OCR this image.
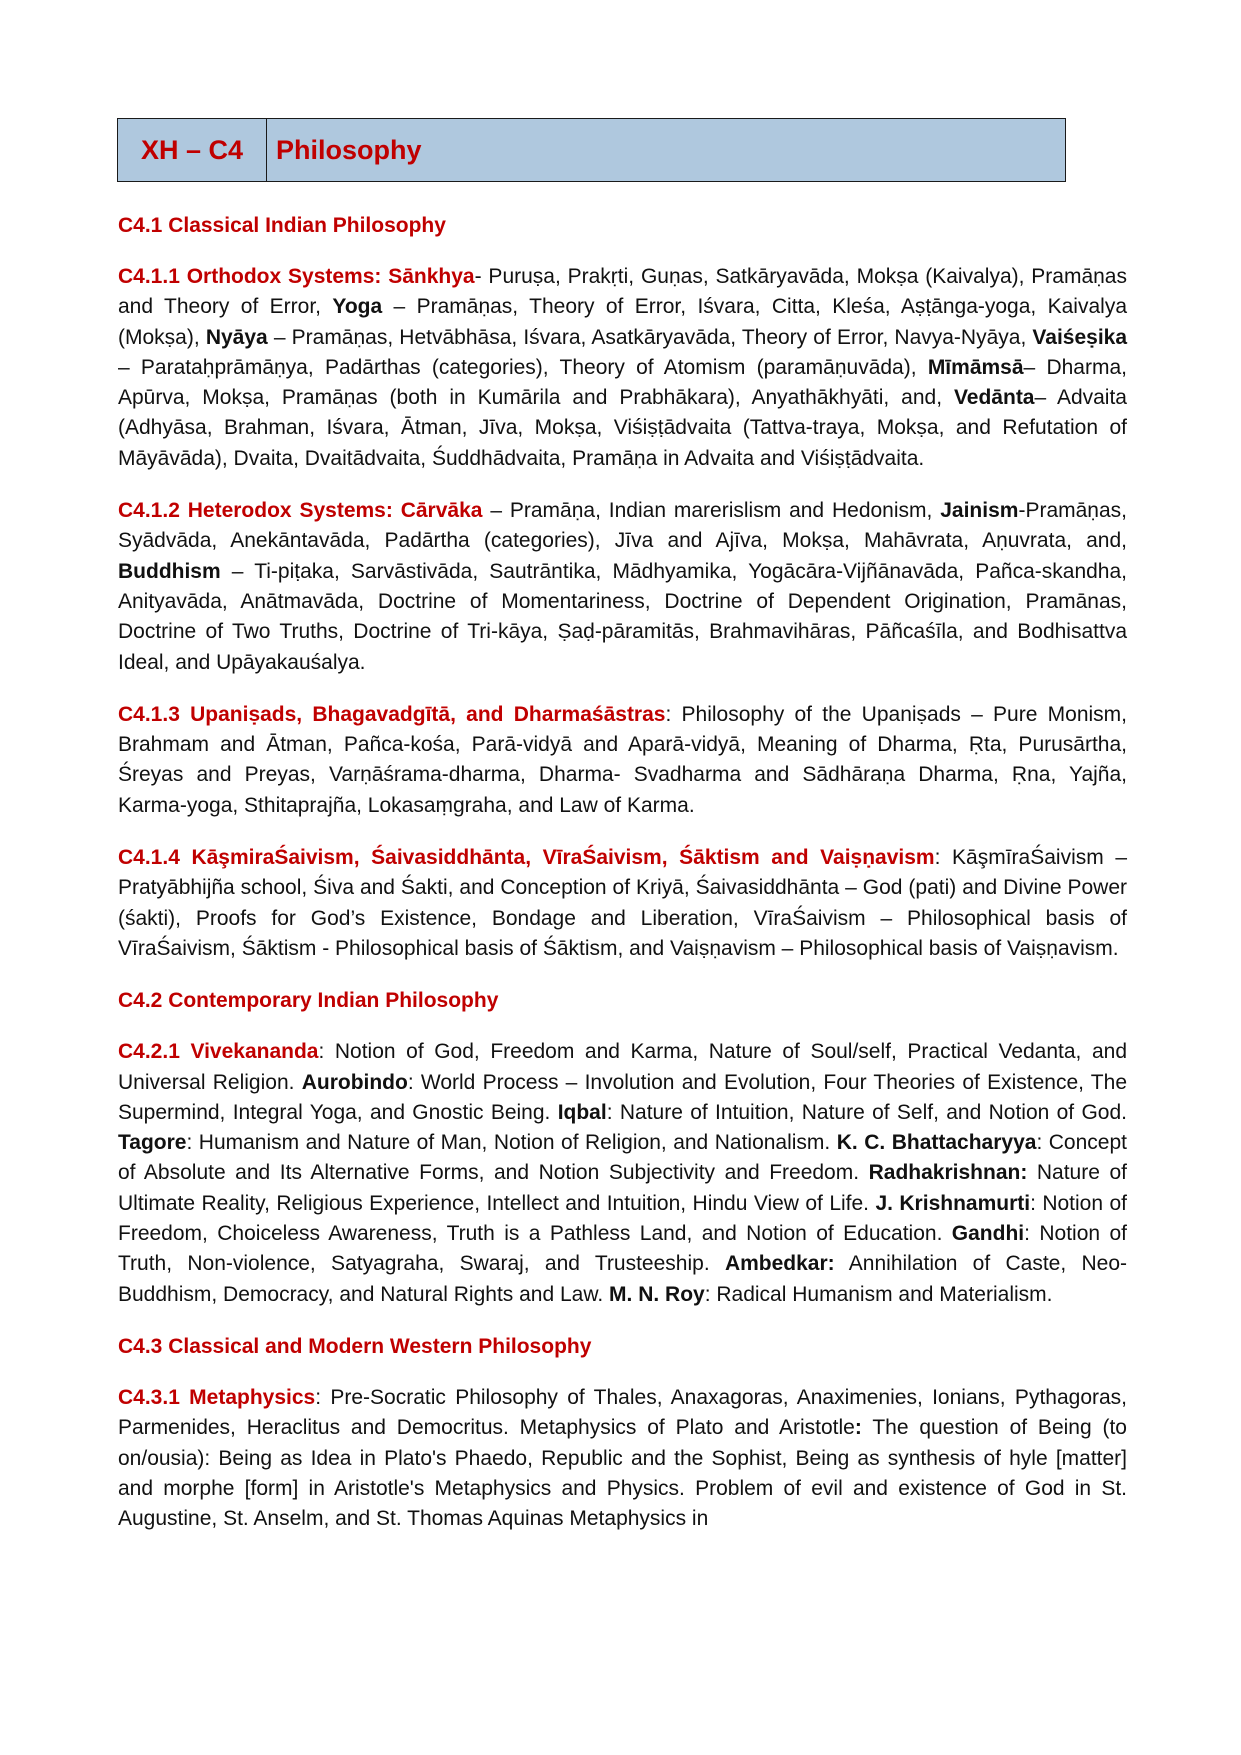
XH – C4	Philosophy
C4.1 Classical Indian Philosophy

C4.1.1 Orthodox Systems: Sānkhya- Puruṣa, Prakṛti, Guṇas, Satkāryavāda, Mokṣa (Kaivalya), Pramāṇas and Theory of Error, Yoga – Pramāṇas, Theory of Error, Iśvara, Citta, Kleśa, Aṣṭānga-yoga, Kaivalya (Mokṣa), Nyāya – Pramāṇas, Hetvābhāsa, Iśvara, Asatkāryavāda, Theory of Error, Navya-Nyāya, Vaiśeṣika – Parataḥprāmāṇya, Padārthas (categories), Theory of Atomism (paramāṇuvāda), Mīmāmsā– Dharma, Apūrva, Mokṣa, Pramāṇas (both in Kumārila and Prabhākara), Anyathākhyāti, and, Vedānta– Advaita (Adhyāsa, Brahman, Iśvara, Ātman, Jīva, Mokṣa, Viśiṣṭādvaita (Tattva-traya, Mokṣa, and Refutation of Māyāvāda), Dvaita, Dvaitādvaita, Śuddhādvaita, Pramāṇa in Advaita and Viśiṣṭādvaita.

C4.1.2 Heterodox Systems: Cārvāka – Pramāṇa, Indian marerislism and Hedonism, Jainism-Pramāṇas, Syādvāda, Anekāntavāda, Padārtha (categories), Jīva and Ajīva, Mokṣa, Mahāvrata, Aṇuvrata, and, Buddhism – Ti-piṭaka, Sarvāstivāda, Sautrāntika, Mādhyamika, Yogācāra-Vijñānavāda, Pañca-skandha, Anityavāda, Anātmavāda, Doctrine of Momentariness, Doctrine of Dependent Origination, Pramānas, Doctrine of Two Truths, Doctrine of Tri-kāya, Ṣaḍ-pāramitās, Brahmavihāras, Pāñcaśīla, and Bodhisattva Ideal, and Upāyakauśalya.

C4.1.3 Upaniṣads, Bhagavadgītā, and Dharmaśāstras: Philosophy of the Upaniṣads – Pure Monism, Brahmam and Ātman, Pañca-kośa, Parā-vidyā and Aparā-vidyā, Meaning of Dharma, Ṛta, Purusārtha, Śreyas and Preyas, Varṇāśrama-dharma, Dharma- Svadharma and Sādhāraṇa Dharma, Ṛna, Yajña, Karma-yoga, Sthitaprajña, Lokasaṃgraha, and Law of Karma.

C4.1.4 KāşmiraŚaivism, Śaivasiddhānta, VīraŚaivism, Śāktism and Vaiṣṇavism: KāşmīraŚaivism – Pratyābhijña school, Śiva and Śakti, and Conception of Kriyā, Śaivasiddhānta – God (pati) and Divine Power (śakti), Proofs for God’s Existence, Bondage and Liberation, VīraŚaivism – Philosophical basis of VīraŚaivism, Śāktism - Philosophical basis of Śāktism, and Vaiṣṇavism – Philosophical basis of Vaiṣṇavism.

C4.2 Contemporary Indian Philosophy

C4.2.1 Vivekananda: Notion of God, Freedom and Karma, Nature of Soul/self, Practical Vedanta, and Universal Religion. Aurobindo: World Process – Involution and Evolution, Four Theories of Existence, The Supermind, Integral Yoga, and Gnostic Being. Iqbal: Nature of Intuition, Nature of Self, and Notion of God. Tagore: Humanism and Nature of Man, Notion of Religion, and Nationalism. K. C. Bhattacharyya: Concept of Absolute and Its Alternative Forms, and Notion Subjectivity and Freedom. Radhakrishnan: Nature of Ultimate Reality, Religious Experience, Intellect and Intuition, Hindu View of Life. J. Krishnamurti: Notion of Freedom, Choiceless Awareness, Truth is a Pathless Land, and Notion of Education. Gandhi: Notion of Truth, Non-violence, Satyagraha, Swaraj, and Trusteeship. Ambedkar: Annihilation of Caste, Neo-Buddhism, Democracy, and Natural Rights and Law. M. N. Roy: Radical Humanism and Materialism.

C4.3 Classical and Modern Western Philosophy

C4.3.1 Metaphysics: Pre-Socratic Philosophy of Thales, Anaxagoras, Anaximenies, Ionians, Pythagoras, Parmenides, Heraclitus and Democritus. Metaphysics of Plato and Aristotle: The question of Being (to on/ousia): Being as Idea in Plato's Phaedo, Republic and the Sophist, Being as synthesis of hyle [matter] and morphe [form] in Aristotle's Metaphysics and Physics. Problem of evil and existence of God in St. Augustine, St. Anselm, and St. Thomas Aquinas Metaphysics in
